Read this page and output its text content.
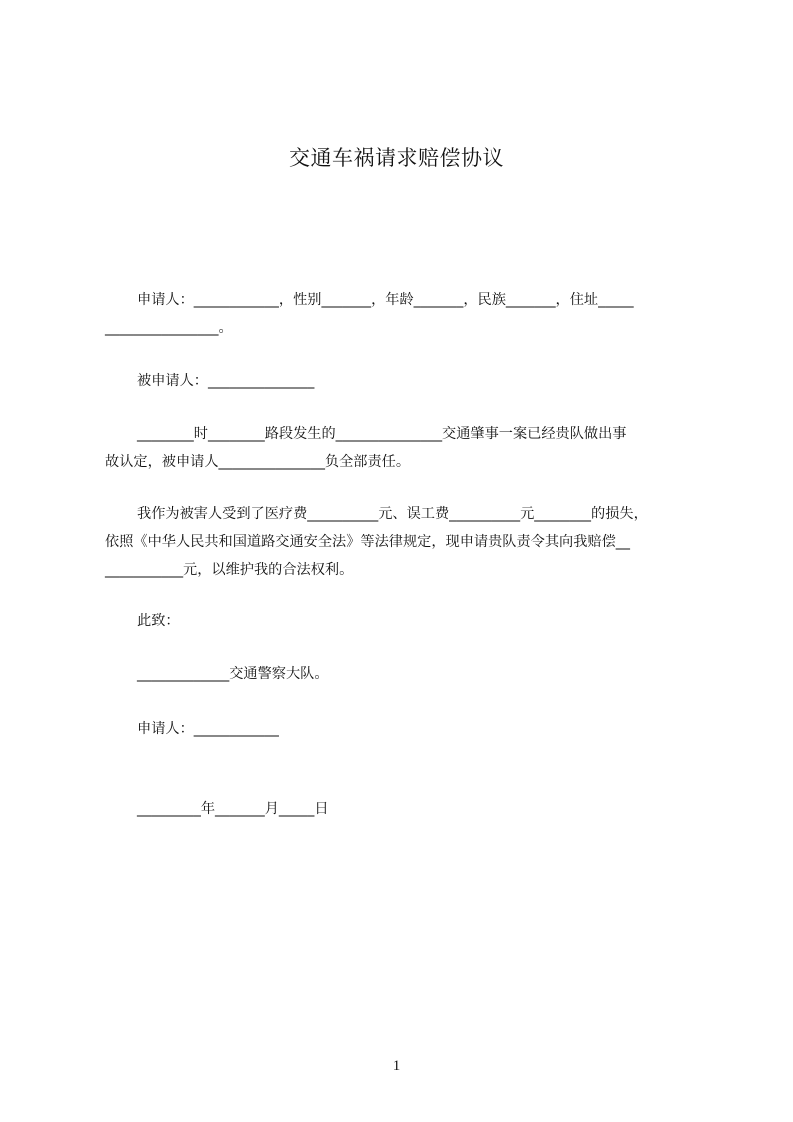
交通车祸请求赔偿协议
申请人：____________，性别_______，年龄_______，民族_______，住址_____
________________。
被申请人：_______________
________时________路段发生的_______________交通肇事一案已经贵队做出事
故认定，被申请人_______________负全部责任。
我作为被害人受到了医疗费__________元、误工费__________元________的损失，
依照《中华人民共和国道路交通安全法》等法律规定，现申请贵队责令其向我赔偿__
___________元，以维护我的合法权利。
此致：
_____________交通警察大队。
申请人：____________
_________年_______月_____日
1
